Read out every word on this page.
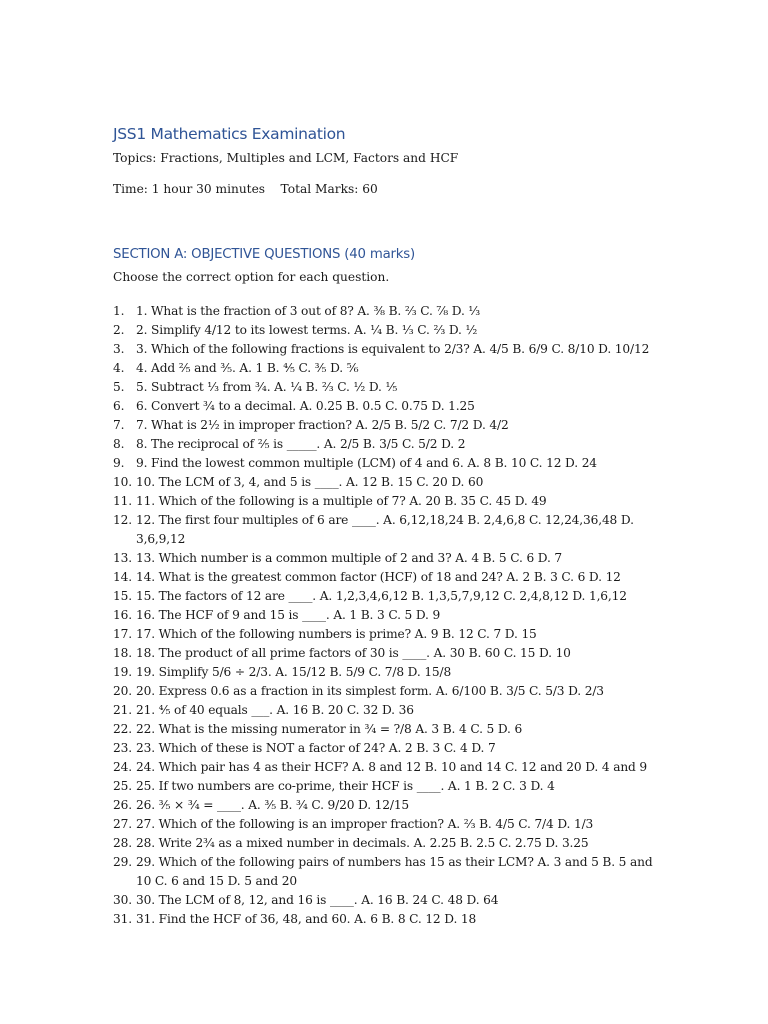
JSS1 Mathematics Examination

Topics: Fractions, Multiples and LCM, Factors and HCF

Time: 1 hour 30 minutes Total Marks: 60

SECTION A: OBJECTIVE QUESTIONS (40 marks)

Choose the correct option for each question.

1. 1. What is the fraction of 3 out of 8? A. ³⁄₈ B. ⅔ C. ⅞ D. ⅓
2. 2. Simplify 4/12 to its lowest terms. A. ¼ B. ⅓ C. ⅔ D. ½
3. 3. Which of the following fractions is equivalent to 2/3? A. 4/5 B. 6/9 C. 8/10 D. 10/12
4. 4. Add ⅖ and ⅗. A. 1 B. ⅘ C. ⅗ D. ⅚
5. 5. Subtract ⅓ from ¾. A. ¼ B. ⅔ C. ½ D. ⅕
6. 6. Convert ¾ to a decimal. A. 0.25 B. 0.5 C. 0.75 D. 1.25
7. 7. What is 2½ in improper fraction? A. 2/5 B. 5/2 C. 7/2 D. 4/2
8. 8. The reciprocal of ⅖ is _____. A. 2/5 B. 3/5 C. 5/2 D. 2
9. 9. Find the lowest common multiple (LCM) of 4 and 6. A. 8 B. 10 C. 12 D. 24
10. 10. The LCM of 3, 4, and 5 is ____. A. 12 B. 15 C. 20 D. 60
11. 11. Which of the following is a multiple of 7? A. 20 B. 35 C. 45 D. 49
12. 12. The first four multiples of 6 are ____. A. 6,12,18,24 B. 2,4,6,8 C. 12,24,36,48 D. 3,6,9,12
13. 13. Which number is a common multiple of 2 and 3? A. 4 B. 5 C. 6 D. 7
14. 14. What is the greatest common factor (HCF) of 18 and 24? A. 2 B. 3 C. 6 D. 12
15. 15. The factors of 12 are ____. A. 1,2,3,4,6,12 B. 1,3,5,7,9,12 C. 2,4,8,12 D. 1,6,12
16. 16. The HCF of 9 and 15 is ____. A. 1 B. 3 C. 5 D. 9
17. 17. Which of the following numbers is prime? A. 9 B. 12 C. 7 D. 15
18. 18. The product of all prime factors of 30 is ____. A. 30 B. 60 C. 15 D. 10
19. 19. Simplify 5/6 ÷ 2/3. A. 15/12 B. 5/9 C. 7/8 D. 15/8
20. 20. Express 0.6 as a fraction in its simplest form. A. 6/100 B. 3/5 C. 5/3 D. 2/3
21. 21. ⅘ of 40 equals ___. A. 16 B. 20 C. 32 D. 36
22. 22. What is the missing numerator in ¾ = ?/8 A. 3 B. 4 C. 5 D. 6
23. 23. Which of these is NOT a factor of 24? A. 2 B. 3 C. 4 D. 7
24. 24. Which pair has 4 as their HCF? A. 8 and 12 B. 10 and 14 C. 12 and 20 D. 4 and 9
25. 25. If two numbers are co-prime, their HCF is ____. A. 1 B. 2 C. 3 D. 4
26. 26. ⅗ × ¾ = ____. A. ⅗ B. ¾ C. 9/20 D. 12/15
27. 27. Which of the following is an improper fraction? A. ⅔ B. 4/5 C. 7/4 D. 1/3
28. 28. Write 2¾ as a mixed number in decimals. A. 2.25 B. 2.5 C. 2.75 D. 3.25
29. 29. Which of the following pairs of numbers has 15 as their LCM? A. 3 and 5 B. 5 and 10 C. 6 and 15 D. 5 and 20
30. 30. The LCM of 8, 12, and 16 is ____. A. 16 B. 24 C. 48 D. 64
31. 31. Find the HCF of 36, 48, and 60. A. 6 B. 8 C. 12 D. 18
